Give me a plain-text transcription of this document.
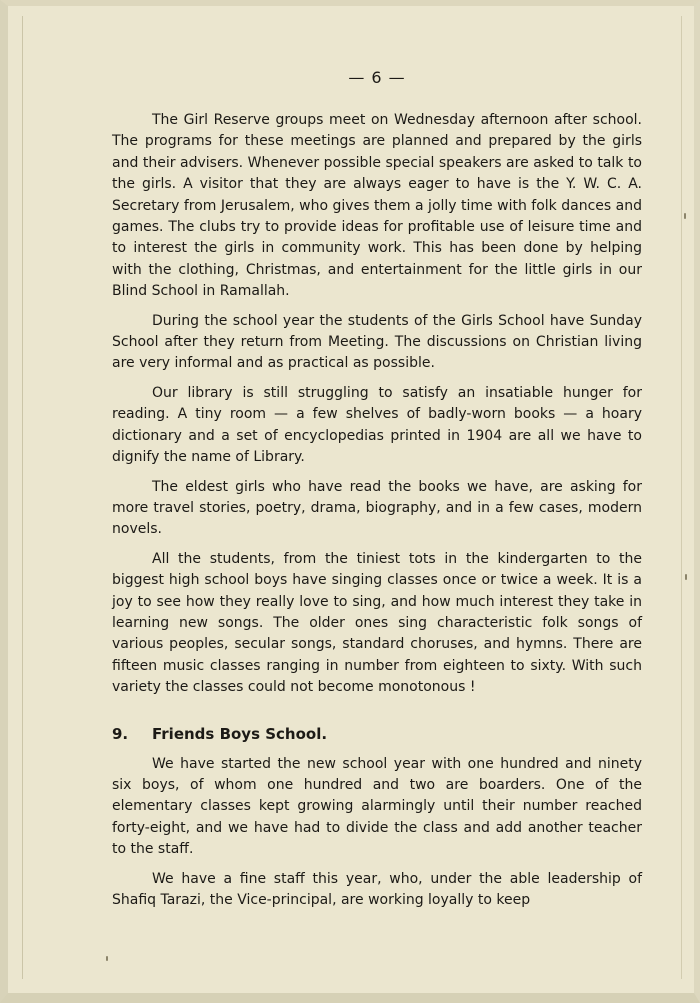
— 6 —

The Girl Reserve groups meet on Wednesday afternoon after school. The programs for these meetings are planned and prepared by the girls and their advisers. Whenever possible special speakers are asked to talk to the girls. A visitor that they are always eager to have is the Y. W. C. A. Secretary from Jerusalem, who gives them a jolly time with folk dances and games. The clubs try to provide ideas for profitable use of leisure time and to interest the girls in community work. This has been done by helping with the clothing, Christmas, and entertainment for the little girls in our Blind School in Ramallah.

During the school year the students of the Girls School have Sunday School after they return from Meeting. The discussions on Christian living are very informal and as practical as possible.

Our library is still struggling to satisfy an insatiable hunger for reading. A tiny room — a few shelves of badly-worn books — a hoary dictionary and a set of encyclopedias printed in 1904 are all we have to dignify the name of Library.

The eldest girls who have read the books we have, are asking for more travel stories, poetry, drama, biography, and in a few cases, modern novels.

All the students, from the tiniest tots in the kindergarten to the biggest high school boys have singing classes once or twice a week. It is a joy to see how they really love to sing, and how much interest they take in learning new songs. The older ones sing characteristic folk songs of various peoples, secular songs, standard choruses, and hymns. There are fifteen music classes ranging in number from eighteen to sixty. With such variety the classes could not become monotonous !

9. Friends Boys School.

We have started the new school year with one hundred and ninety six boys, of whom one hundred and two are boarders. One of the elementary classes kept growing alarmingly until their number reached forty-eight, and we have had to divide the class and add another teacher to the staff.

We have a fine staff this year, who, under the able leadership of Shafiq Tarazi, the Vice-principal, are working loyally to keep
